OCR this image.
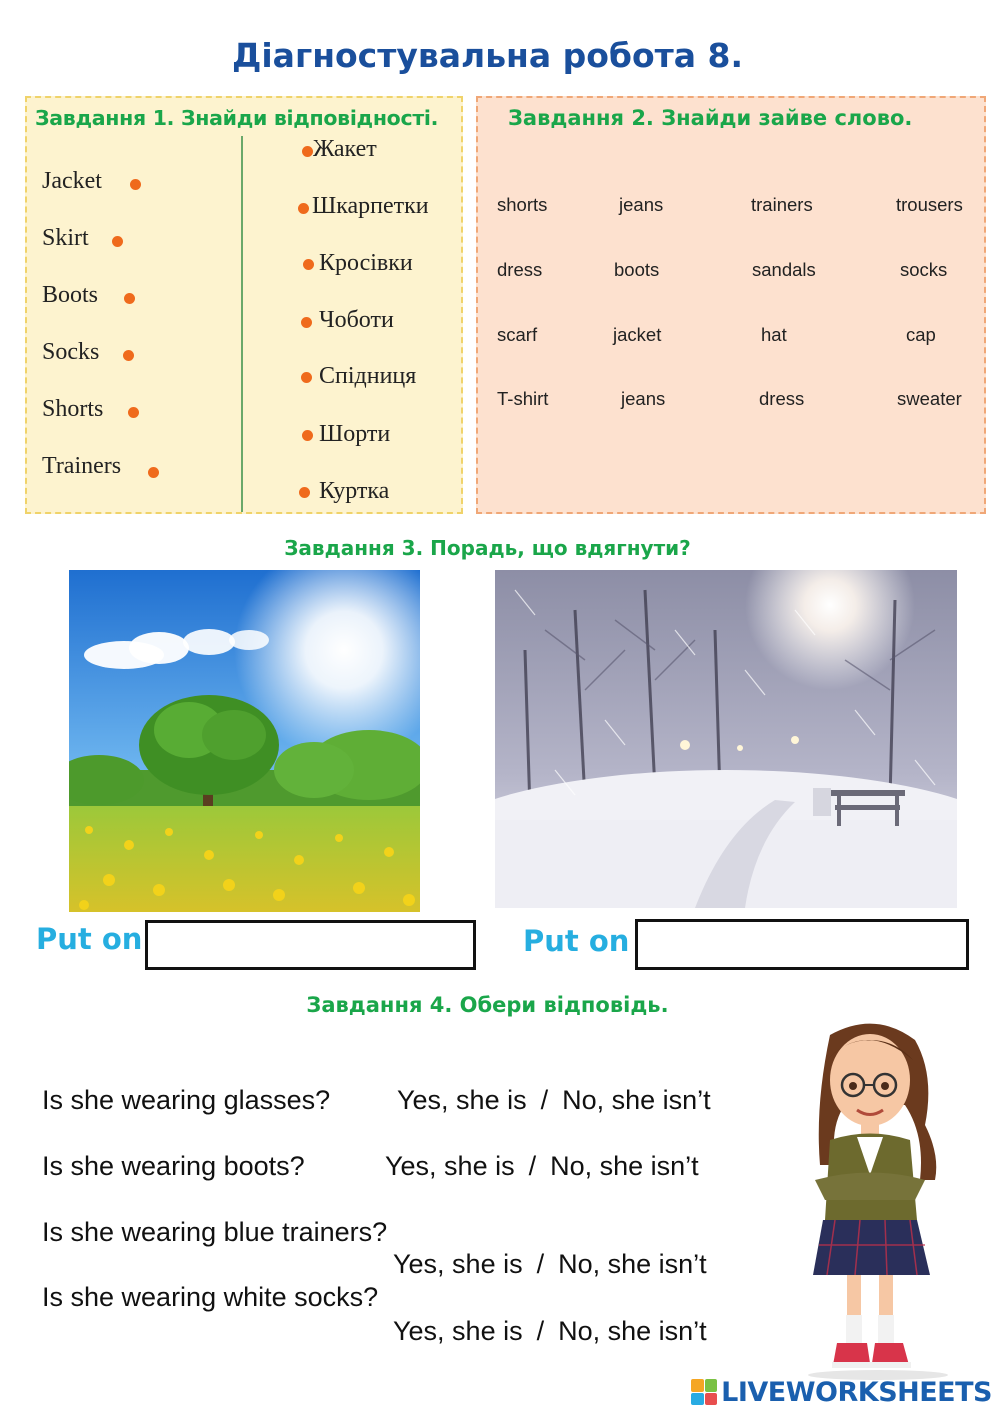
Діагностувальна робота 8.
Завдання 1. Знайди відповідності.
Jacket
Skirt
Boots
Socks
Shorts
Trainers
Жакет
Шкарпетки
Кросівки
Чоботи
Спідниця
Шорти
Куртка
Завдання 2. Знайди зайве слово.
shorts	jeans	trainers	trousers
dress	boots	sandals	socks
scarf	jacket	hat	cap
T-shirt	jeans	dress	sweater
Завдання 3. Порадь, що вдягнути?
Put on	Put on
Завдання 4. Обери відповідь.
Is she wearing glasses? Yes, she is / No, she isn’t
Is she wearing boots?	Yes, she is / No, she isn’t
Is she wearing blue trainers?
Yes, she is / No, she isn’t
Is she wearing white socks?
Yes, she is / No, she isn’t
LIVEWORKSHEETS
